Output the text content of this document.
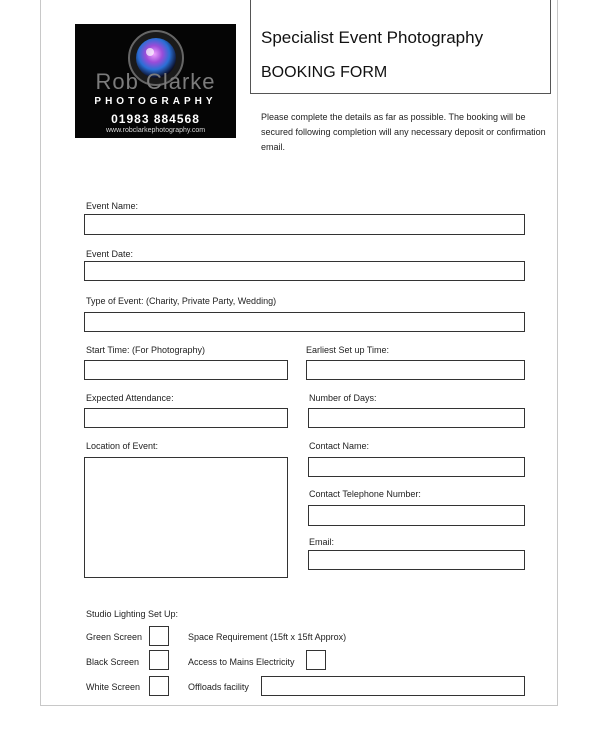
Rob Clarke
PHOTOGRAPHY
01983 884568
www.robclarkephotography.com
Specialist Event Photography
BOOKING FORM
Please complete the details as far as possible. The booking will be secured following completion will any necessary deposit or confirmation email.
Event Name:
Event Date:
Type of Event: (Charity, Private Party, Wedding)
Start Time: (For Photography)	Earliest Set up Time:
Expected Attendance:	Number of Days:
Location of Event:	Contact Name:
Contact Telephone Number:
Email:
Studio Lighting Set Up:
Green Screen	Space Requirement (15ft x 15ft Approx)
Black Screen	Access to Mains Electricity
White Screen	Offloads facility
